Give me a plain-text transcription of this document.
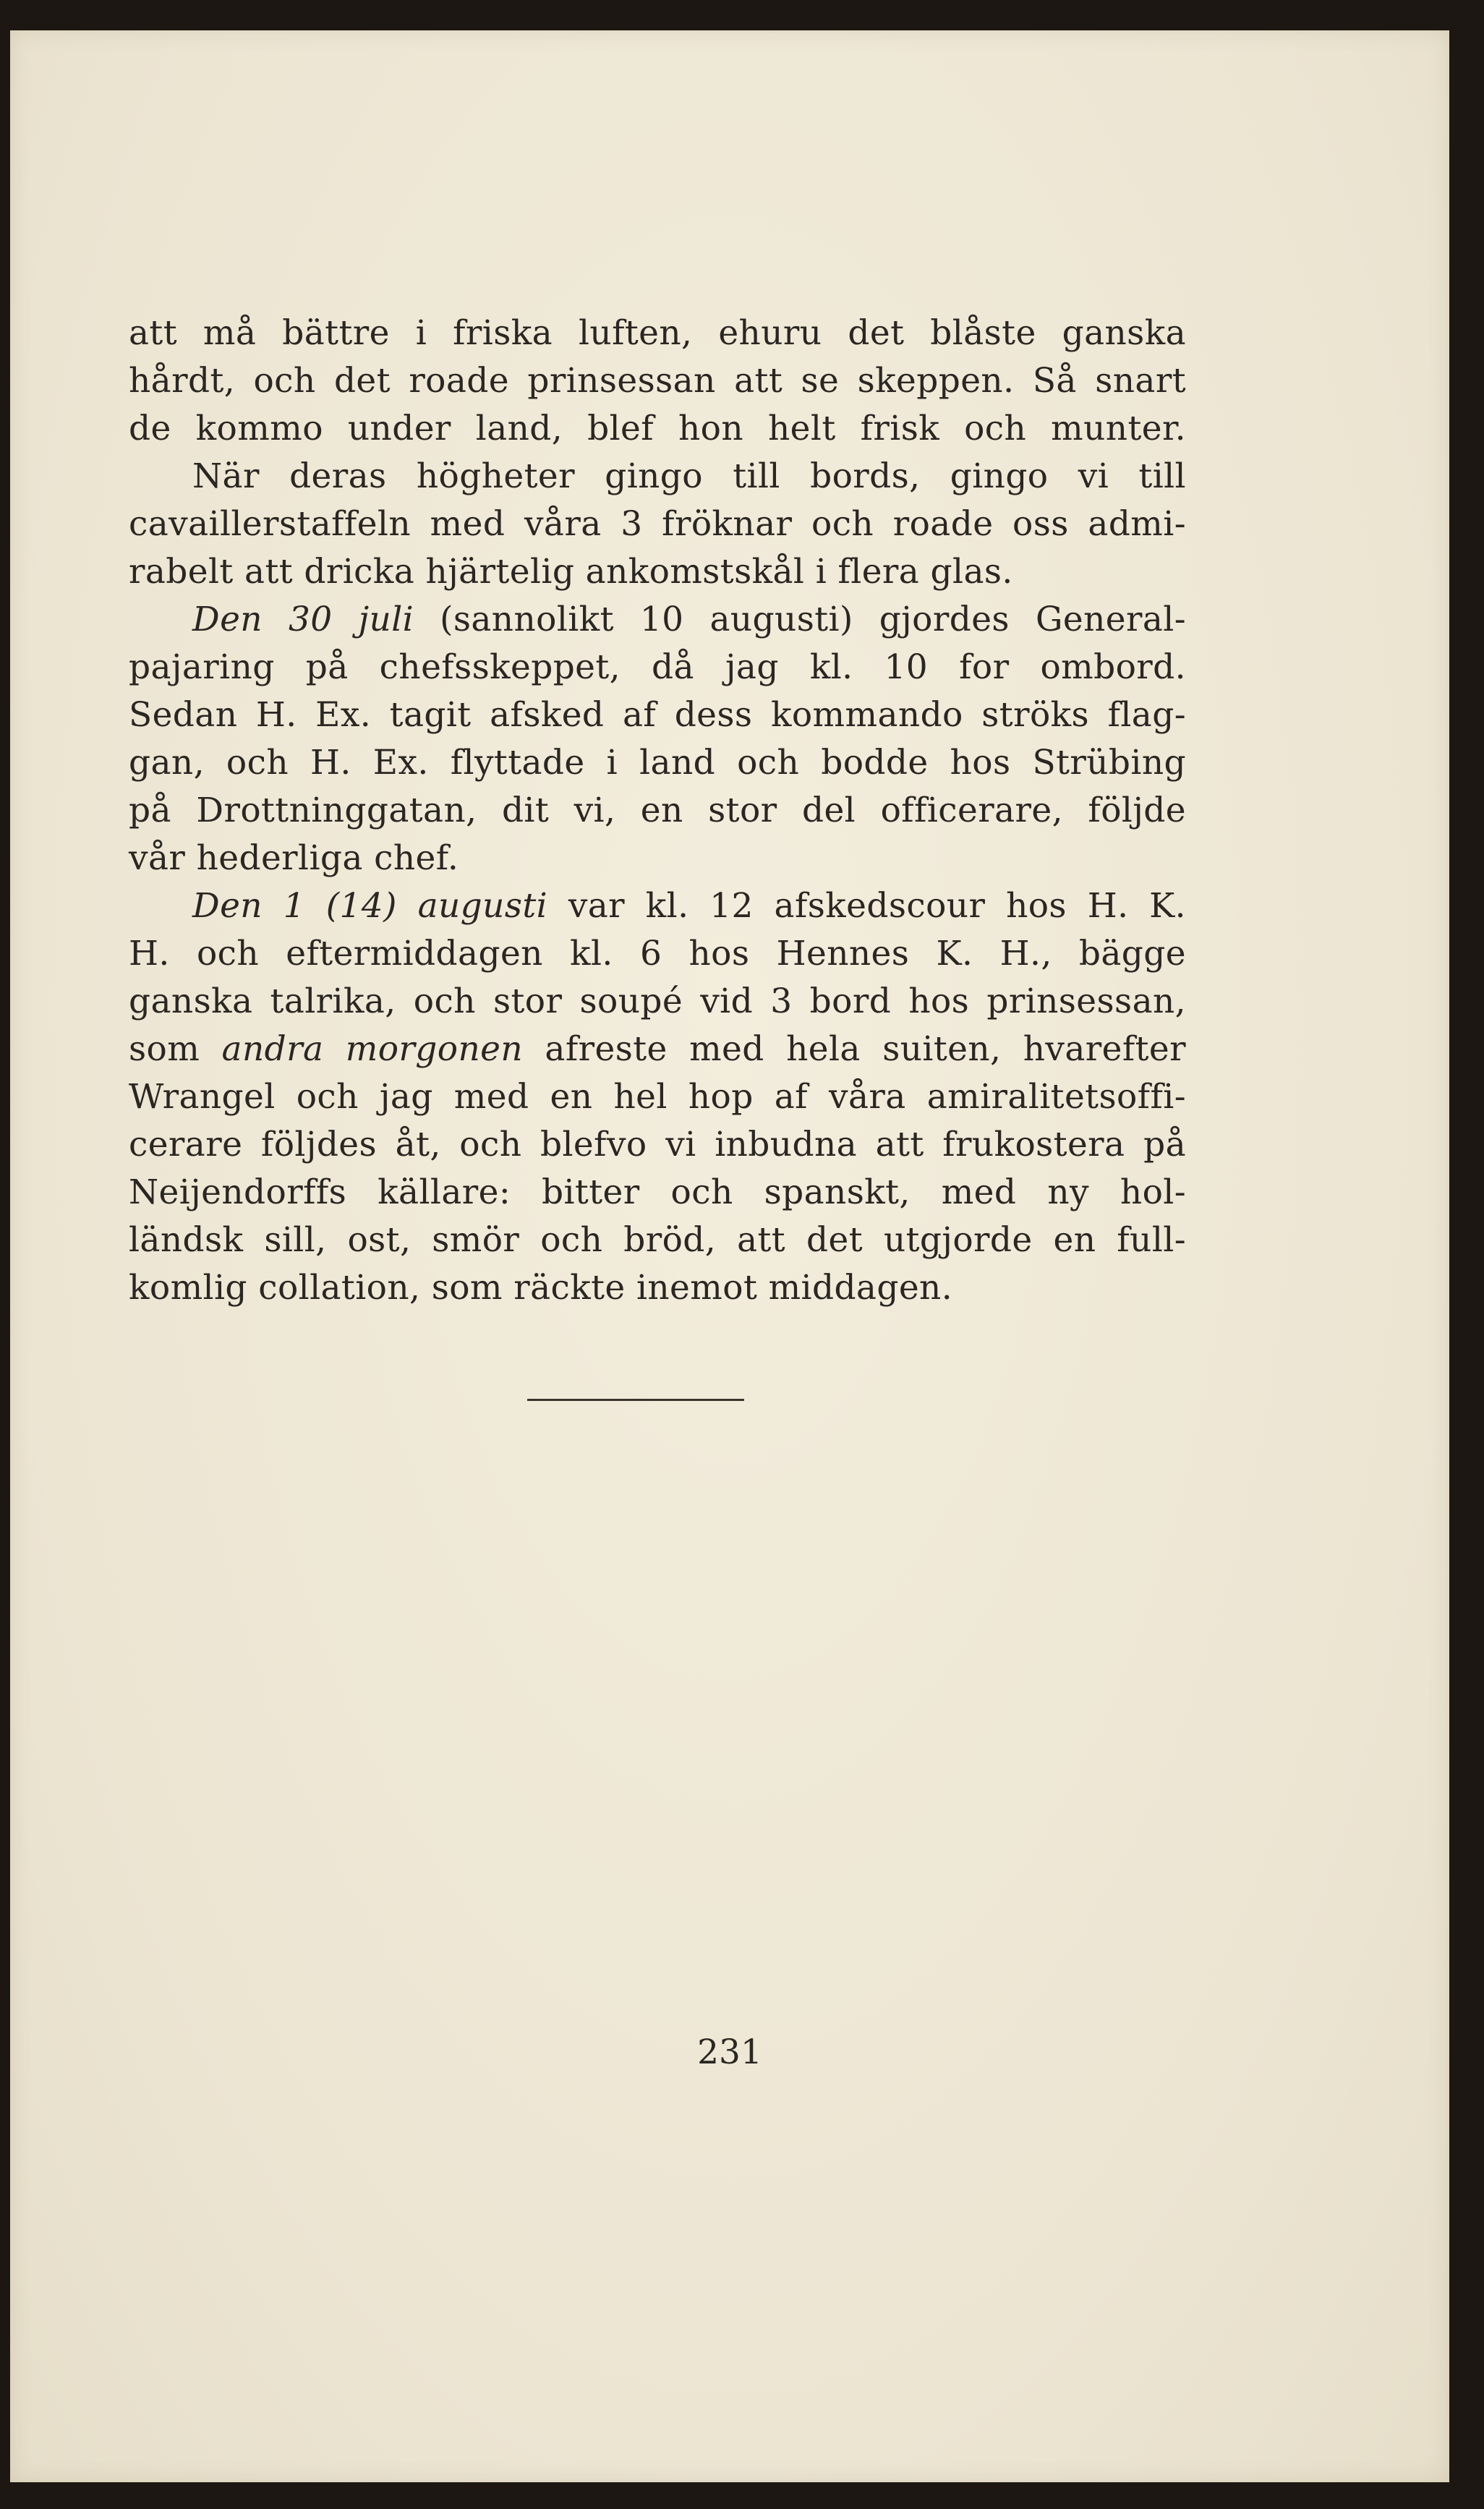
att må bättre i friska luften, ehuru det blåste ganska
hårdt, och det roade prinsessan att se skeppen. Så snart
de kommo under land, blef hon helt frisk och munter.
När deras högheter gingo till bords, gingo vi till
cavaillerstaffeln med våra 3 fröknar och roade oss admi-
rabelt att dricka hjärtelig ankomstskål i flera glas.
Den 30 juli (sannolikt 10 augusti) gjordes General-
pajaring på chefsskeppet, då jag kl. 10 for ombord.
Sedan H. Ex. tagit afsked af dess kommando ströks flag-
gan, och H. Ex. flyttade i land och bodde hos Strübing
på Drottninggatan, dit vi, en stor del officerare, följde
vår hederliga chef.
Den 1 (14) augusti var kl. 12 afskedscour hos H. K.
H. och eftermiddagen kl. 6 hos Hennes K. H., bägge
ganska talrika, och stor soupé vid 3 bord hos prinsessan,
som andra morgonen afreste med hela suiten, hvarefter
Wrangel och jag med en hel hop af våra amiralitetsoffi-
cerare följdes åt, och blefvo vi inbudna att frukostera på
Neijendorffs källare: bitter och spanskt, med ny hol-
ländsk sill, ost, smör och bröd, att det utgjorde en full-
komlig collation, som räckte inemot middagen.
231
